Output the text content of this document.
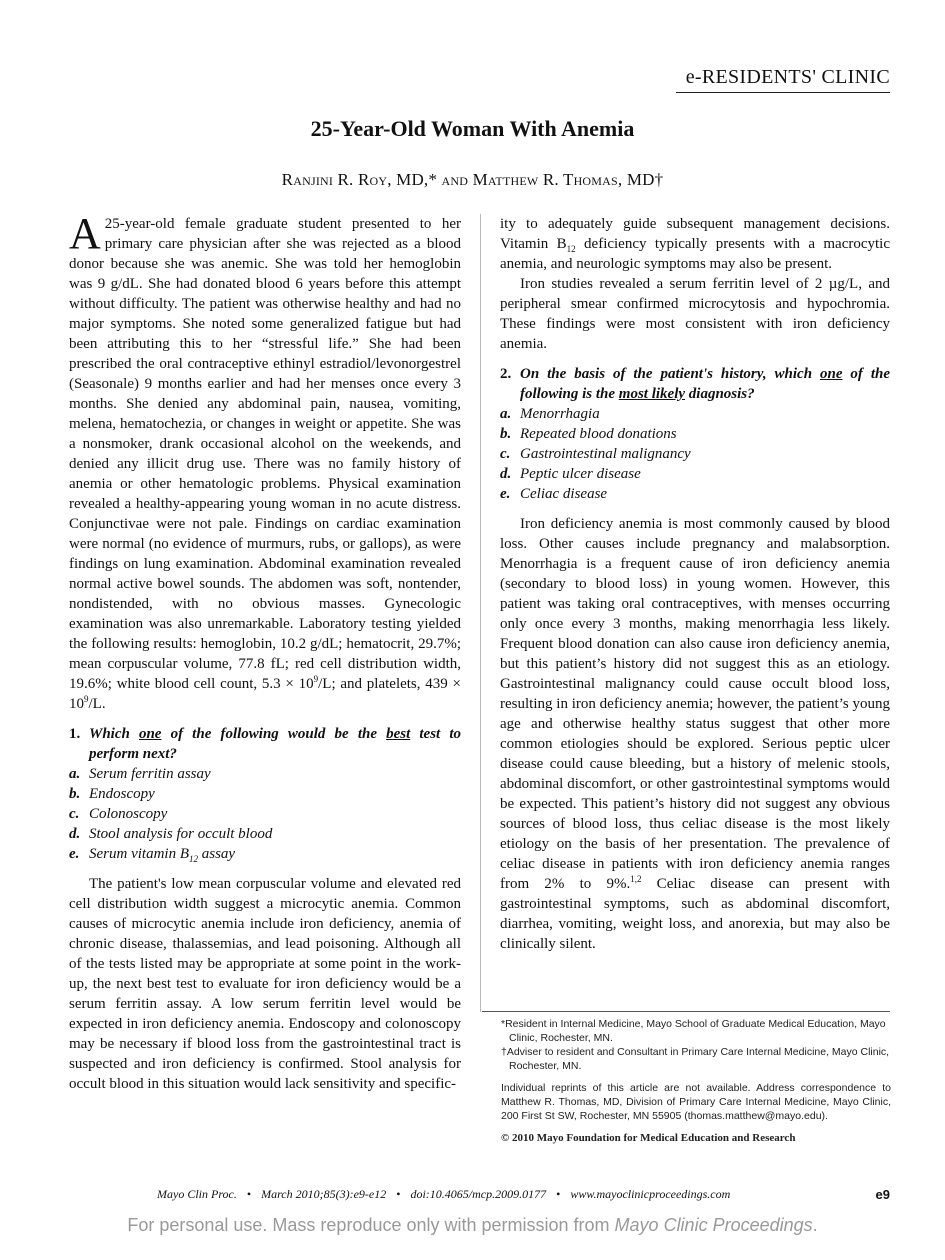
e-RESIDENTS' CLINIC
25-Year-Old Woman With Anemia
Ranjini R. Roy, MD,* and Matthew R. Thomas, MD†

A 25-year-old female graduate student presented to her primary care physician after she was rejected as a blood donor because she was anemic. She was told her hemoglobin was 9 g/dL. She had donated blood 6 years before this attempt without difficulty. The patient was otherwise healthy and had no major symptoms. She noted some generalized fatigue but had been attributing this to her “stressful life.” She had been prescribed the oral contraceptive ethinyl estradiol/levonorgestrel (Seasonale) 9 months earlier and had her menses once every 3 months. She denied any abdominal pain, nausea, vomiting, melena, hematochezia, or changes in weight or appetite. She was a nonsmoker, drank occasional alcohol on the weekends, and denied any illicit drug use. There was no family history of anemia or other hematologic problems. Physical examination revealed a healthy-appearing young woman in no acute distress. Conjunctivae were not pale. Findings on cardiac examination were normal (no evidence of murmurs, rubs, or gallops), as were findings on lung examination. Abdominal examination revealed normal active bowel sounds. The abdomen was soft, nontender, nondistended, with no obvious masses. Gynecologic examination was also unremarkable. Laboratory testing yielded the following results: hemoglobin, 10.2 g/dL; hematocrit, 29.7%; mean corpuscular volume, 77.8 fL; red cell distribution width, 19.6%; white blood cell count, $5.3 \times 10^9/L$; and platelets, $439 \times 10^9/L$.

1. Which one of the following would be the best test to perform next?
a. Serum ferritin assay
b. Endoscopy
c. Colonoscopy
d. Stool analysis for occult blood
e. Serum vitamin $B_{12}$ assay

The patient's low mean corpuscular volume and elevated red cell distribution width suggest a microcytic anemia. Common causes of microcytic anemia include iron deficiency, anemia of chronic disease, thalassemias, and lead poisoning. Although all of the tests listed may be appropriate at some point in the work-up, the next best test to evaluate for iron deficiency would be a serum ferritin assay. A low serum ferritin level would be expected in iron deficiency anemia. Endoscopy and colonoscopy may be necessary if blood loss from the gastrointestinal tract is suspected and iron deficiency is confirmed. Stool analysis for occult blood in this situation would lack sensitivity and specific-

ity to adequately guide subsequent management decisions. Vitamin $B_{12}$ deficiency typically presents with a macrocytic anemia, and neurologic symptoms may also be present.

Iron studies revealed a serum ferritin level of 2 µg/L, and peripheral smear confirmed microcytosis and hypochromia. These findings were most consistent with iron deficiency anemia.

2. On the basis of the patient's history, which one of the following is the most likely diagnosis?
a. Menorrhagia
b. Repeated blood donations
c. Gastrointestinal malignancy
d. Peptic ulcer disease
e. Celiac disease

Iron deficiency anemia is most commonly caused by blood loss. Other causes include pregnancy and malabsorption. Menorrhagia is a frequent cause of iron deficiency anemia (secondary to blood loss) in young women. However, this patient was taking oral contraceptives, with menses occurring only once every 3 months, making menorrhagia less likely. Frequent blood donation can also cause iron deficiency anemia, but this patient’s history did not suggest this as an etiology. Gastrointestinal malignancy could cause occult blood loss, resulting in iron deficiency anemia; however, the patient’s young age and otherwise healthy status suggest that other more common etiologies should be explored. Serious peptic ulcer disease could cause bleeding, but a history of melenic stools, abdominal discomfort, or other gastrointestinal symptoms would be expected. This patient’s history did not suggest any obvious sources of blood loss, thus celiac disease is the most likely etiology on the basis of her presentation. The prevalence of celiac disease in patients with iron deficiency anemia ranges from 2% to 9%.$^{1,2}$ Celiac disease can present with gastrointestinal symptoms, such as abdominal discomfort, diarrhea, vomiting, weight loss, and anorexia, but may also be clinically silent.

*Resident in Internal Medicine, Mayo School of Graduate Medical Education, Mayo Clinic, Rochester, MN.
†Adviser to resident and Consultant in Primary Care Internal Medicine, Mayo Clinic, Rochester, MN.
Individual reprints of this article are not available. Address correspondence to Matthew R. Thomas, MD, Division of Primary Care Internal Medicine, Mayo Clinic, 200 First St SW, Rochester, MN 55905 (thomas.matthew@mayo.edu).
© 2010 Mayo Foundation for Medical Education and Research
Mayo Clin Proc. • March 2010;85(3):e9-e12 • doi:10.4065/mcp.2009.0177 • www.mayoclinicproceedings.com	e9
For personal use. Mass reproduce only with permission from Mayo Clinic Proceedings.
